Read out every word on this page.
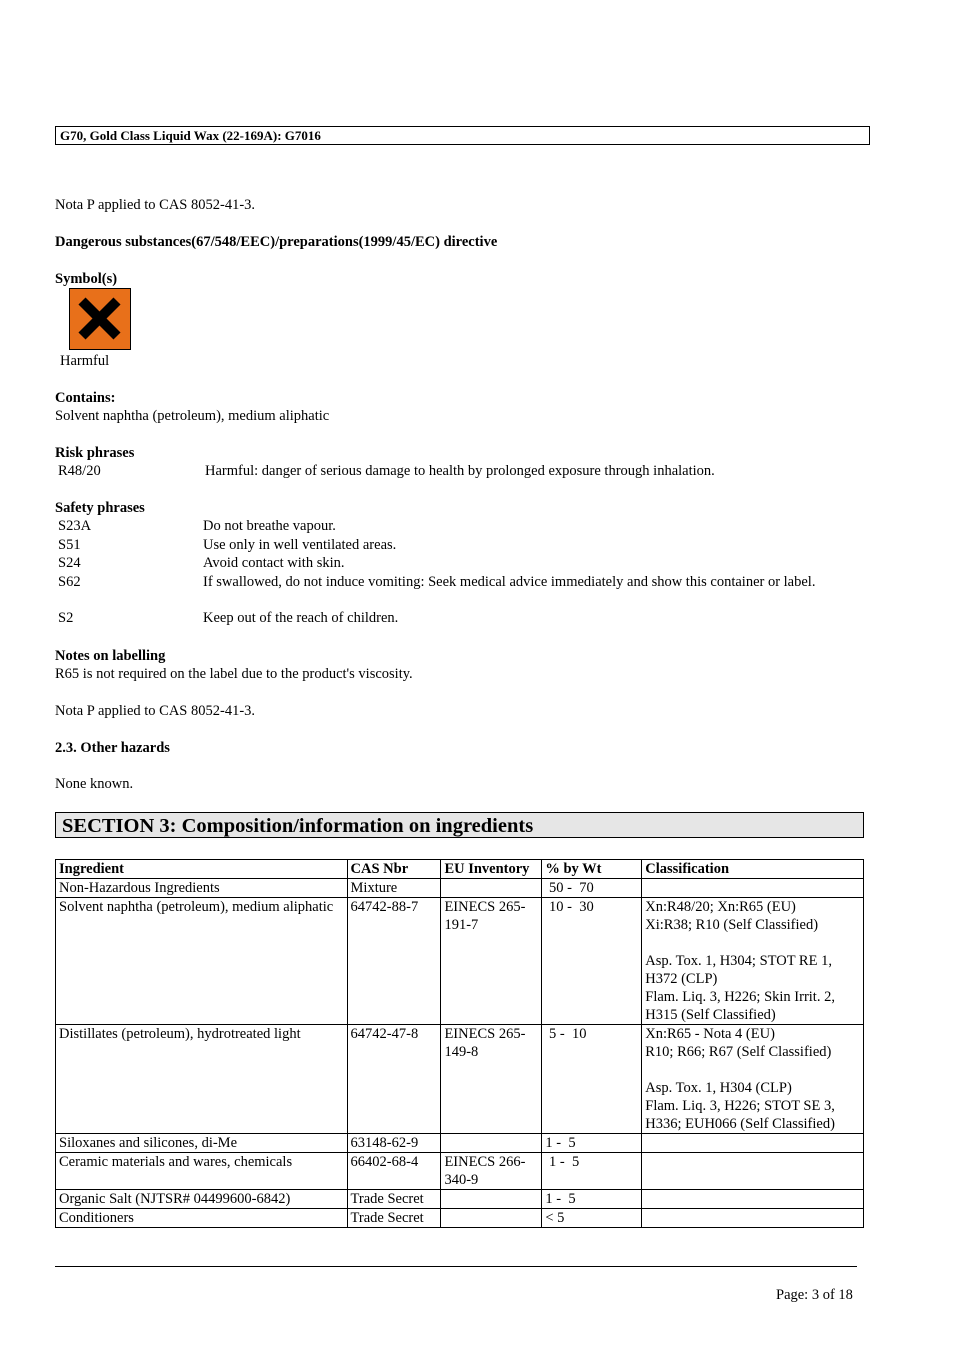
G70, Gold Class Liquid Wax (22-169A): G7016
Nota P applied to CAS 8052-41-3.
Dangerous substances(67/548/EEC)/preparations(1999/45/EC) directive
Symbol(s)
Harmful
Contains:
Solvent naphtha (petroleum), medium aliphatic
Risk phrases
R48/20	Harmful: danger of serious damage to health by prolonged exposure through inhalation.
Safety phrases
S23A	Do not breathe vapour.
S51	Use only in well ventilated areas.
S24	Avoid contact with skin.
S62	If swallowed, do not induce vomiting: Seek medical advice immediately and show this container or label.
S2	Keep out of the reach of children.
Notes on labelling
R65 is not required on the label due to the product's viscosity.
Nota P applied to CAS 8052-41-3.
2.3. Other hazards
None known.
SECTION 3: Composition/information on ingredients
Ingredient	CAS Nbr	EU Inventory	% by Wt	Classification
Non-Hazardous Ingredients	Mixture		50 -  70	
Solvent naphtha (petroleum), medium aliphatic	64742-88-7	EINECS 265-191-7	10 -  30	Xn:R48/20; Xn:R65 (EU)
Xi:R38; R10 (Self Classified)
Asp. Tox. 1, H304; STOT RE 1, H372 (CLP)
Flam. Liq. 3, H226; Skin Irrit. 2, H315 (Self Classified)

Distillates (petroleum), hydrotreated light	64742-47-8	EINECS 265-149-8	5 -  10	Xn:R65 - Nota 4 (EU)
R10; R66; R67 (Self Classified)
Asp. Tox. 1, H304 (CLP)
Flam. Liq. 3, H226; STOT SE 3, H336; EUH066 (Self Classified)

Siloxanes and silicones, di-Me	63148-62-9		1 -  5	
Ceramic materials and wares, chemicals	66402-68-4	EINECS 266-340-9	1 -  5	
Organic Salt (NJTSR# 04499600-6842)	Trade Secret		1 -  5	
Conditioners	Trade Secret		< 5	
Page: 3 of 18
